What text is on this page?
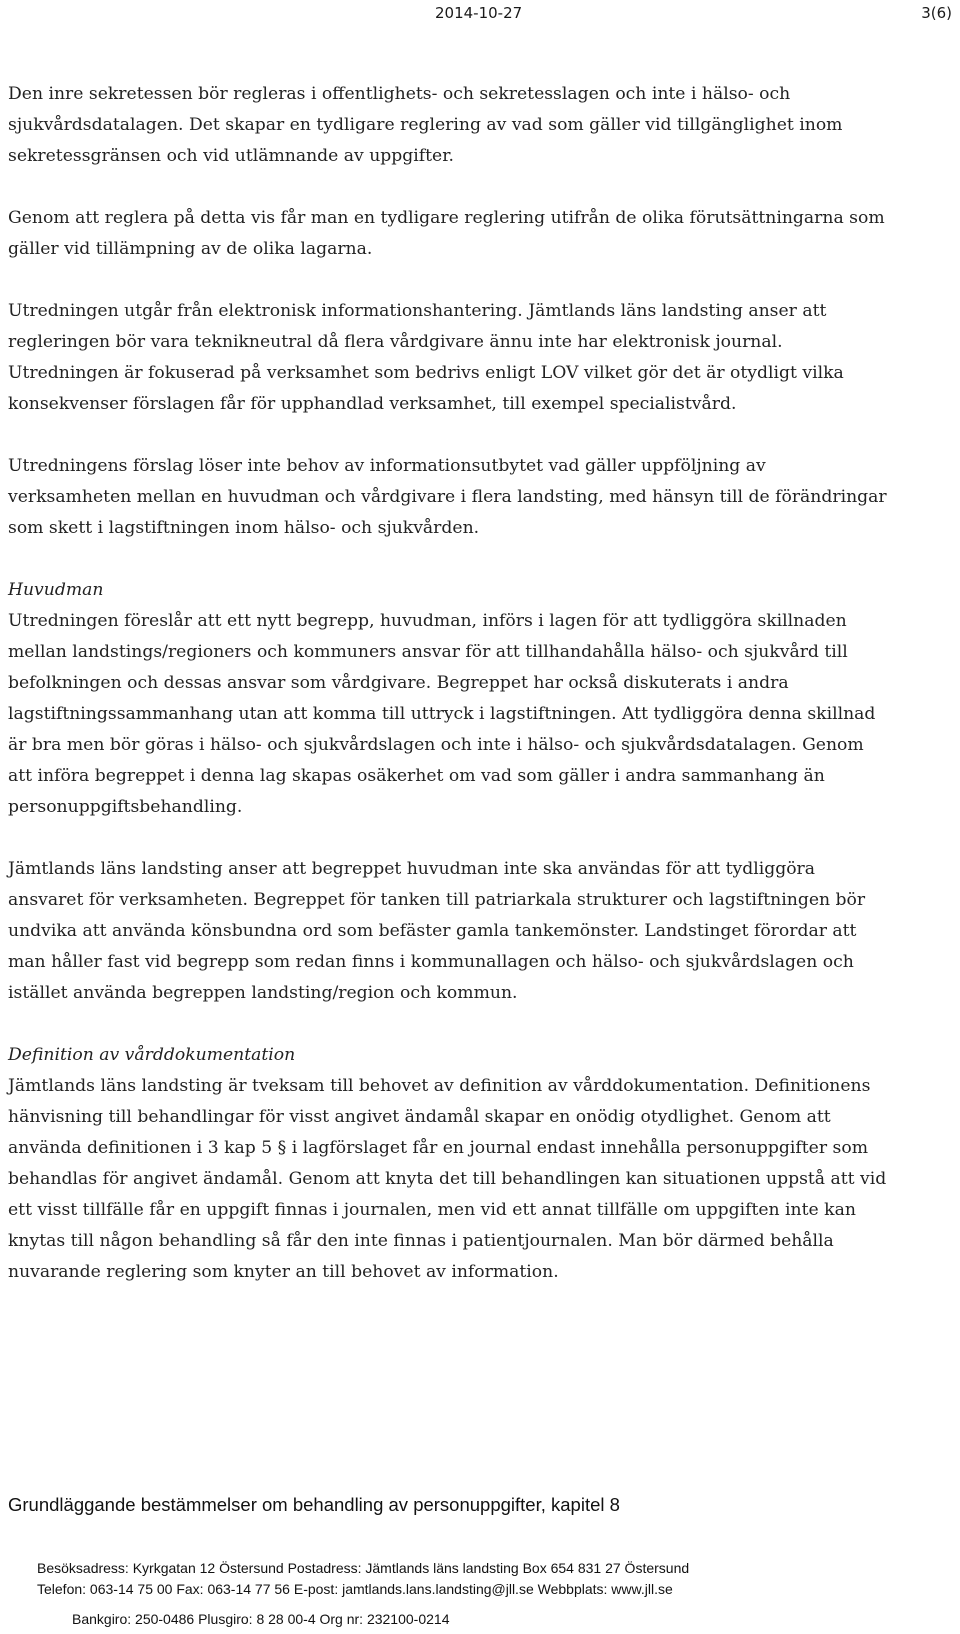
2014-10-27	3(6)

Den inre sekretessen bör regleras i offentlighets- och sekretesslagen och inte i hälso- och sjukvårdsdatalagen. Det skapar en tydligare reglering av vad som gäller vid tillgänglighet inom sekretessgränsen och vid utlämnande av uppgifter.

Genom att reglera på detta vis får man en tydligare reglering utifrån de olika förutsättningarna som gäller vid tillämpning av de olika lagarna.

Utredningen utgår från elektronisk informationshantering. Jämtlands läns landsting anser att regleringen bör vara teknikneutral då flera vårdgivare ännu inte har elektronisk journal. Utredningen är fokuserad på verksamhet som bedrivs enligt LOV vilket gör det är otydligt vilka konsekvenser förslagen får för upphandlad verksamhet, till exempel specialistvård.

Utredningens förslag löser inte behov av informationsutbytet vad gäller uppföljning av verksamheten mellan en huvudman och vårdgivare i flera landsting, med hänsyn till de förändringar som skett i lagstiftningen inom hälso- och sjukvården.

Huvudman

Utredningen föreslår att ett nytt begrepp, huvudman, införs i lagen för att tydliggöra skillnaden mellan landstings/regioners och kommuners ansvar för att tillhandahålla hälso- och sjukvård till befolkningen och dessas ansvar som vårdgivare. Begreppet har också diskuterats i andra lagstiftningssammanhang utan att komma till uttryck i lagstiftningen. Att tydliggöra denna skillnad är bra men bör göras i hälso- och sjukvårdslagen och inte i hälso- och sjukvårdsdatalagen. Genom att införa begreppet i denna lag skapas osäkerhet om vad som gäller i andra sammanhang än personuppgiftsbehandling.

Jämtlands läns landsting anser att begreppet huvudman inte ska användas för att tydliggöra ansvaret för verksamheten. Begreppet för tanken till patriarkala strukturer och lagstiftningen bör undvika att använda könsbundna ord som befäster gamla tankemönster. Landstinget förordar att man håller fast vid begrepp som redan finns i kommunallagen och hälso- och sjukvårdslagen och istället använda begreppen landsting/region och kommun.

Definition av vårddokumentation

Jämtlands läns landsting är tveksam till behovet av definition av vårddokumentation. Definitionens hänvisning till behandlingar för visst angivet ändamål skapar en onödig otydlighet. Genom att använda definitionen i 3 kap 5 § i lagförslaget får en journal endast innehålla personuppgifter som behandlas för angivet ändamål. Genom att knyta det till behandlingen kan situationen uppstå att vid ett visst tillfälle får en uppgift finnas i journalen, men vid ett annat tillfälle om uppgiften inte kan knytas till någon behandling så får den inte finnas i patientjournalen. Man bör därmed behålla nuvarande reglering som knyter an till behovet av information.

Grundläggande bestämmelser om behandling av personuppgifter, kapitel 8
Besöksadress: Kyrkgatan 12 Östersund Postadress: Jämtlands läns landsting Box 654 831 27 Östersund
Telefon: 063-14 75 00 Fax: 063-14 77 56 E-post: jamtlands.lans.landsting@jll.se Webbplats: www.jll.se
Bankgiro: 250-0486 Plusgiro: 8 28 00-4 Org nr: 232100-0214
